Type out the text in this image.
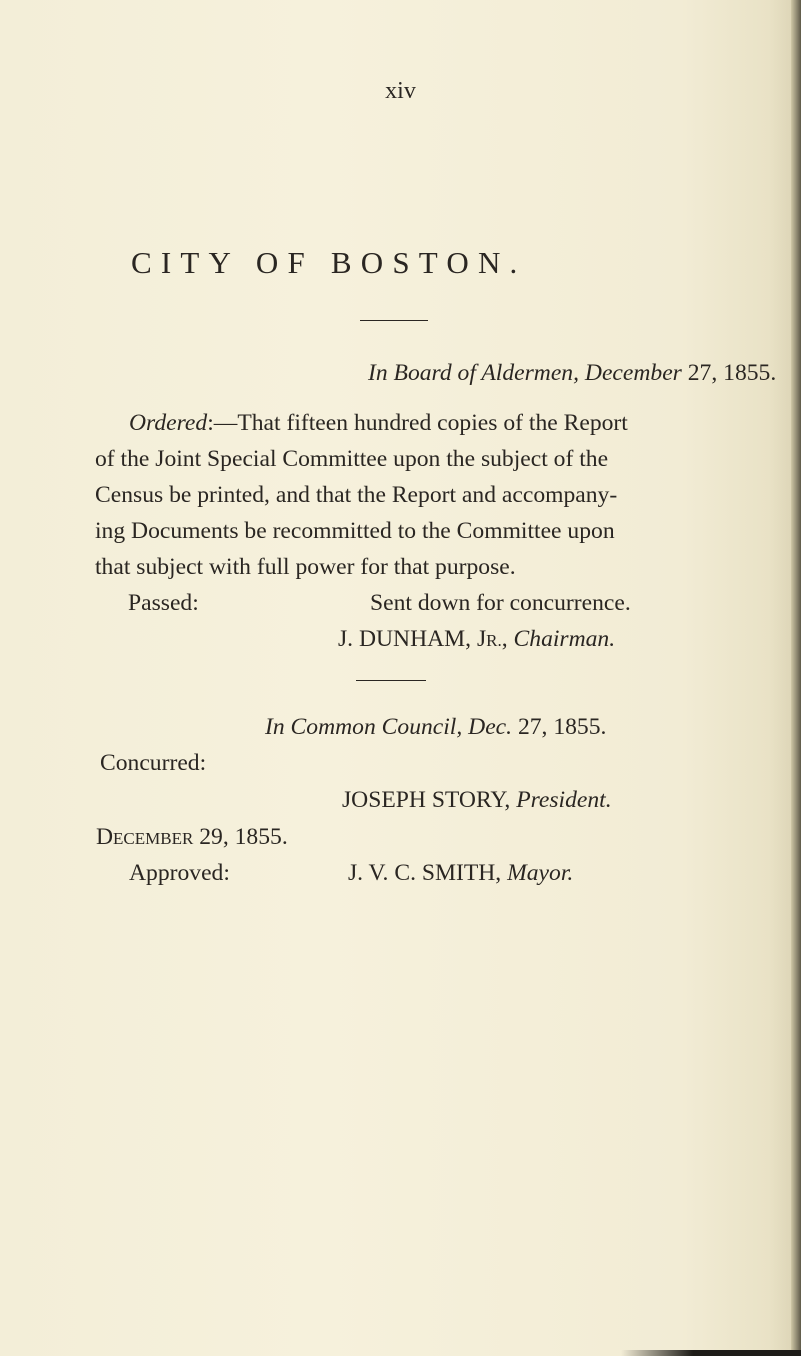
xiv
CITY OF BOSTON.
In Board of Aldermen, December 27, 1855.
Ordered:—That fifteen hundred copies of the Report
of the Joint Special Committee upon the subject of the
Census be printed, and that the Report and accompany-
ing Documents be recommitted to the Committee upon
that subject with full power for that purpose.
Passed:	Sent down for concurrence.
J. DUNHAM, JR., Chairman.
In Common Council, Dec. 27, 1855.
Concurred:
JOSEPH STORY, President.
DECEMBER 29, 1855.
Approved:	J. V. C. SMITH, Mayor.
